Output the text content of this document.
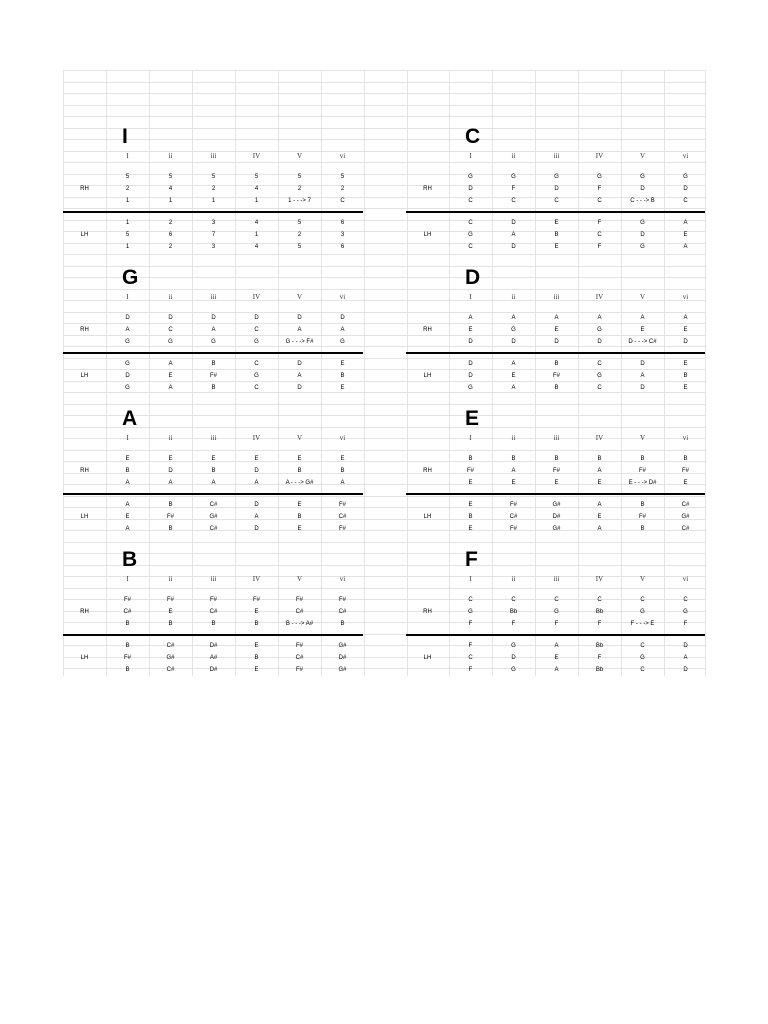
I
I	ii	iii	IV	V	vi
RH
5	5	5	5	5	5
2	4	2	4	2	2
1	1	1	1	1 - - -> 7	C
LH
1	2	3	4	5	6
5	6	7	1	2	3
1	2	3	4	5	6
C
I	ii	iii	IV	V	vi
RH
G	G	G	G	G	G
D	F	D	F	D	D
C	C	C	C	C - - -> B	C
LH
C	D	E	F	G	A
G	A	B	C	D	E
C	D	E	F	G	A
G
I	ii	iii	IV	V	vi
RH
D	D	D	D	D	D
A	C	A	C	A	A
G	G	G	G	G - - -> F#	G
LH
G	A	B	C	D	E
D	E	F#	G	A	B
G	A	B	C	D	E
D
I	ii	iii	IV	V	vi
RH
A	A	A	A	A	A
E	G	E	G	E	E
D	D	D	D	D - - -> C#	D
LH
D	A	B	C	D	E
D	E	F#	G	A	B
G	A	B	C	D	E
A
I	ii	iii	IV	V	vi
RH
E	E	E	E	E	E
B	D	B	D	B	B
A	A	A	A	A - - -> G#	A
LH
A	B	C#	D	E	F#
E	F#	G#	A	B	C#
A	B	C#	D	E	F#
E
I	ii	iii	IV	V	vi
RH
B	B	B	B	B	B
F#	A	F#	A	F#	F#
E	E	E	E	E - - -> D#	E
LH
E	F#	G#	A	B	C#
B	C#	D#	E	F#	G#
E	F#	G#	A	B	C#
B
I	ii	iii	IV	V	vi
RH
F#	F#	F#	F#	F#	F#
C#	E	C#	E	C#	C#
B	B	B	B	B - - -> A#	B
LH
B	C#	D#	E	F#	G#
F#	G#	A#	B	C#	D#
B	C#	D#	E	F#	G#
F
I	ii	iii	IV	V	vi
RH
C	C	C	C	C	C
G	Bb	G	Bb	G	G
F	F	F	F	F - - -> E	F
LH
F	G	A	Bb	C	D
C	D	E	F	G	A
F	G	A	Bb	C	D
